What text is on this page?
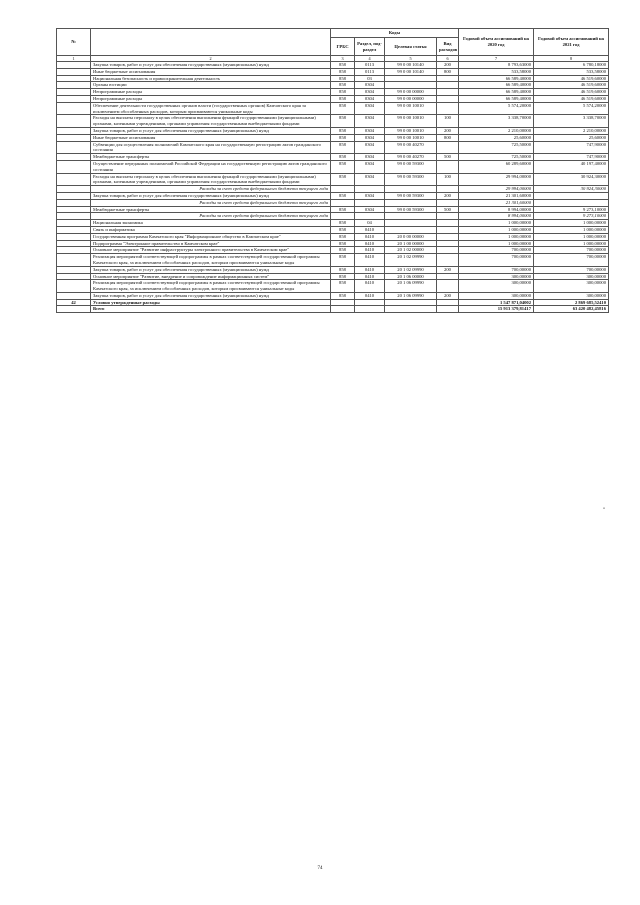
№		Коды				Годовой объем ассигнований на 2020 год	Годовой объем ассигнований на 2021 год
		ГРБС	Раздел, под-раздел	Целевая статья	Вид расходов		
1	2	3	4	5	6	7	8
	Закупка товаров, работ и услуг для обеспечения государственных (муниципальных) нужд	858	0113	99 0 00 10140	200	8 793,63000	6 780,18000
	Иные бюджетные ассигнования	858	0113	99 0 00 10140	800	533,58000	533,58000
	Национальная безопасность и правоохранительная деятельность	858	03			66 589,40000	46 519,60000
	Органы юстиции	858	0304			66 589,40000	46 519,60000
	Непрограммные расходы	858	0304	99 0 00 00000		66 589,40000	46 519,60000
	Непрограммные расходы	858	0304	99 0 00 00000		66 589,40000	46 519,60000
	Обеспечение деятельности государственных органов власти (государственных органов) Камчатского края за исключением обособленных расходов, которым присваиваются уникальные коды	858	0304	99 0 00 10010		5 574,20000	5 574,20000
	Расходы на выплаты персоналу в целях обеспечения выполнения функций государственными (муниципальными) органами, казенными учреждениями, органами управления государственными внебюджетными фондами	858	0304	99 0 00 10010	100	3 338,70000	3 338,70000
	Закупка товаров, работ и услуг для обеспечения государственных (муниципальных) нужд	858	0304	99 0 00 10010	200	2 210,00000	2 210,00000
	Иные бюджетные ассигнования	858	0304	99 0 00 10010	800	25,60000	25,60000
	Субвенции для осуществления полномочий Камчатского края на государственную регистрацию актов гражданского состояния	858	0304	99 0 00 40270		725,50000	747,90000
	Межбюджетные трансферты	858	0304	99 0 00 40270	500	725,50000	747,90000
	Осуществление переданных полномочий Российской Федерации на государственную регистрацию актов гражданского состояния	858	0304	99 0 00 59300		60 289,60000	40 197,40000
	Расходы на выплаты персоналу в целях обеспечения выполнения функций государственными (муниципальными) органами, казенными учреждениями, органами управления государственными внебюджетными фондами	858	0304	99 0 00 59300	100	29 994,00000	30 924,30000
	Расходы за счет средств федерального бюджета текущего года					29 994,00000	30 924,30000
	Закупка товаров, работ и услуг для обеспечения государственных (муниципальных) нужд	858	0304	99 0 00 59300	200	21 301,60000	
	Расходы за счет средств федерального бюджета текущего года					21 301,60000	
	Межбюджетные трансферты	858	0304	99 0 00 59300	500	8 994,00000	9 273,10000
	Расходы за счет средств федерального бюджета текущего года					8 994,00000	9 273,10000
	Национальная экономика	858	04			1 000,00000	1 000,00000
	Связь и информатика	858	0410			1 000,00000	1 000,00000
	Государственная программа Камчатского края "Информационное общество в Камчатском крае"	858	0410	20 0 00 00000		1 000,00000	1 000,00000
	Подпрограмма "Электронное правительство в Камчатском крае"	858	0410	20 1 00 00000		1 000,00000	1 000,00000
	Основное мероприятие "Развитие инфраструктуры электронного правительства в Камчатском крае"	858	0410	20 1 02 00000		700,00000	700,00000
	Реализация мероприятий соответствующей подпрограммы в рамках соответствующей государственной программы Камчатского края, за исключением обособленных расходов, которым присваиваются уникальные коды	858	0410	20 1 02 09990		700,00000	700,00000
	Закупка товаров, работ и услуг для обеспечения государственных (муниципальных) нужд	858	0410	20 1 02 09990	200	700,00000	700,00000
	Основное мероприятие "Развитие, внедрение и сопровождение информационных систем"	858	0410	20 1 06 00000		300,00000	300,00000
	Реализация мероприятий соответствующей подпрограммы в рамках соответствующей государственной программы Камчатского края, за исключением обособленных расходов, которым присваиваются уникальные коды	858	0410	20 1 06 09990		300,00000	300,00000
	Закупка товаров, работ и услуг для обеспечения государственных (муниципальных) нужд	858	0410	20 1 06 09990	200	300,00000	300,00000
42	Условно утвержденные расходы					1 547 871,04002	2 869 685,52410
	Всего					15 913 379,81417	63 420 482,45816
»
74
